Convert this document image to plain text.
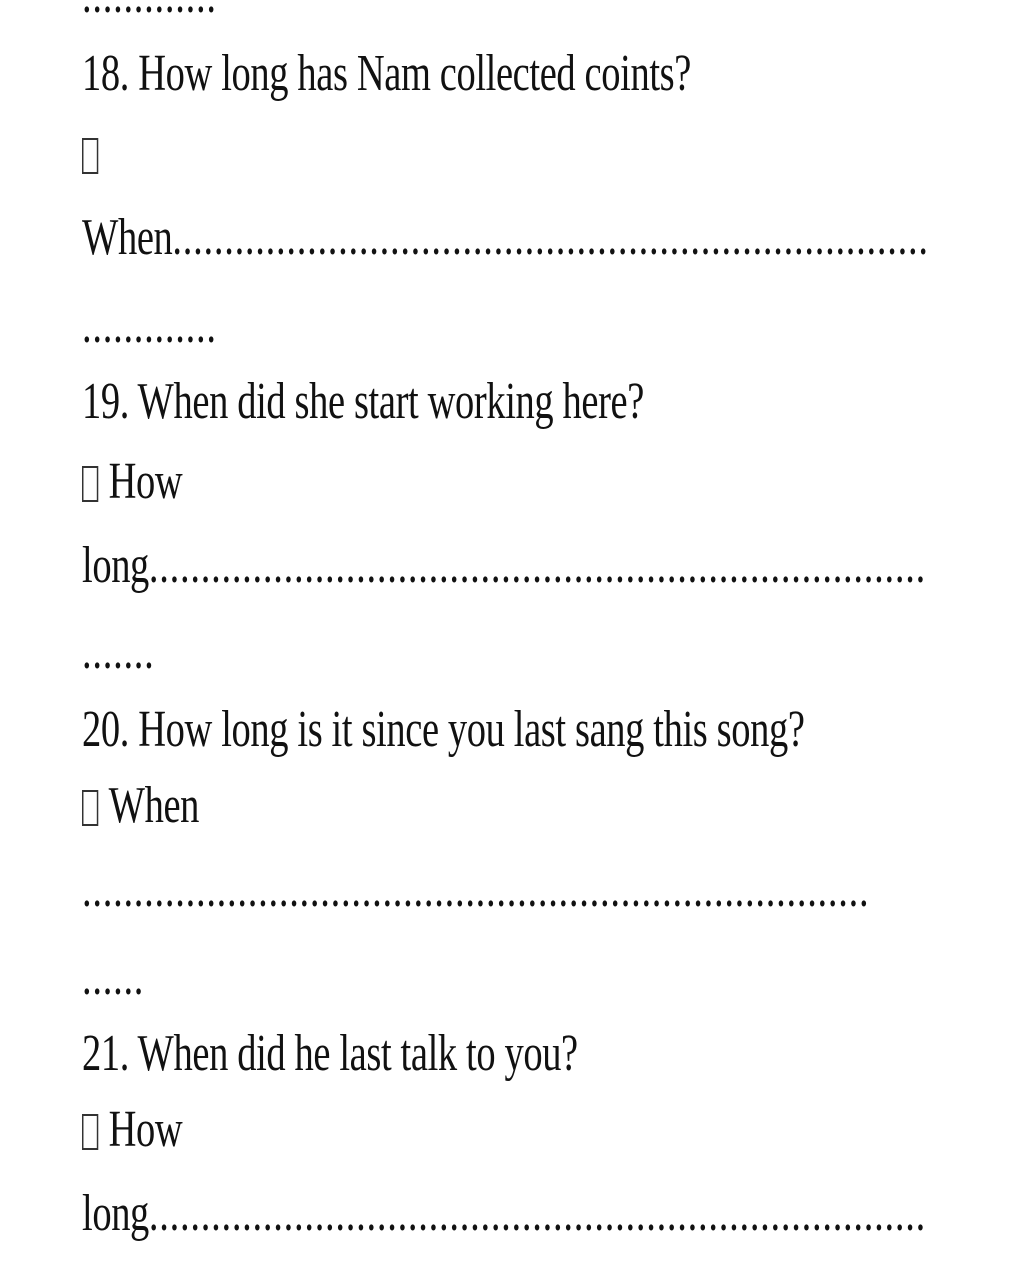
18. How long has Nam collected coints?
When.........................................................................
.............
19. When did she start working here?
How
long...........................................................................
.......
20. How long is it since you last sang this song?
When
............................................................................
......
21. When did he last talk to you?
How
long...........................................................................
